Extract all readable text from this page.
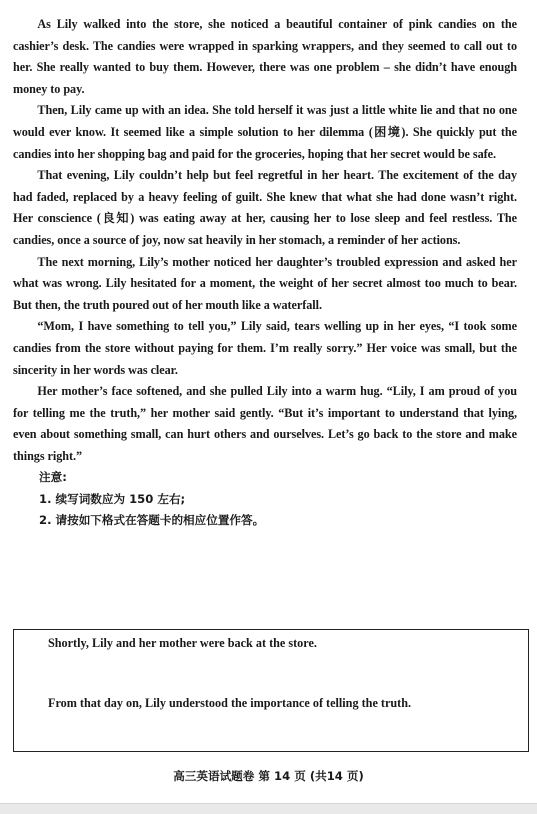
As Lily walked into the store, she noticed a beautiful container of pink candies on the cashier’s desk. The candies were wrapped in sparking wrappers, and they seemed to call out to her. She really wanted to buy them. However, there was one problem – she didn’t have enough money to pay.

Then, Lily came up with an idea. She told herself it was just a little white lie and that no one would ever know. It seemed like a simple solution to her dilemma (困境). She quickly put the candies into her shopping bag and paid for the groceries, hoping that her secret would be safe.

That evening, Lily couldn’t help but feel regretful in her heart. The excitement of the day had faded, replaced by a heavy feeling of guilt. She knew that what she had done wasn’t right. Her conscience (良知) was eating away at her, causing her to lose sleep and feel restless. The candies, once a source of joy, now sat heavily in her stomach, a reminder of her actions.

The next morning, Lily’s mother noticed her daughter’s troubled expression and asked her what was wrong. Lily hesitated for a moment, the weight of her secret almost too much to bear. But then, the truth poured out of her mouth like a waterfall.

“Mom, I have something to tell you,” Lily said, tears welling up in her eyes, “I took some candies from the store without paying for them. I’m really sorry.” Her voice was small, but the sincerity in her words was clear.

Her mother’s face softened, and she pulled Lily into a warm hug. “Lily, I am proud of you for telling me the truth,” her mother said gently. “But it’s important to understand that lying, even about something small, can hurt others and ourselves. Let’s go back to the store and make things right.”

注意:
1. 续写词数应为 150 左右;
2. 请按如下格式在答题卡的相应位置作答。
Shortly, Lily and her mother were back at the store.
From that day on, Lily understood the importance of telling the truth.
高三英语试题卷 第 14 页 (共14 页)
